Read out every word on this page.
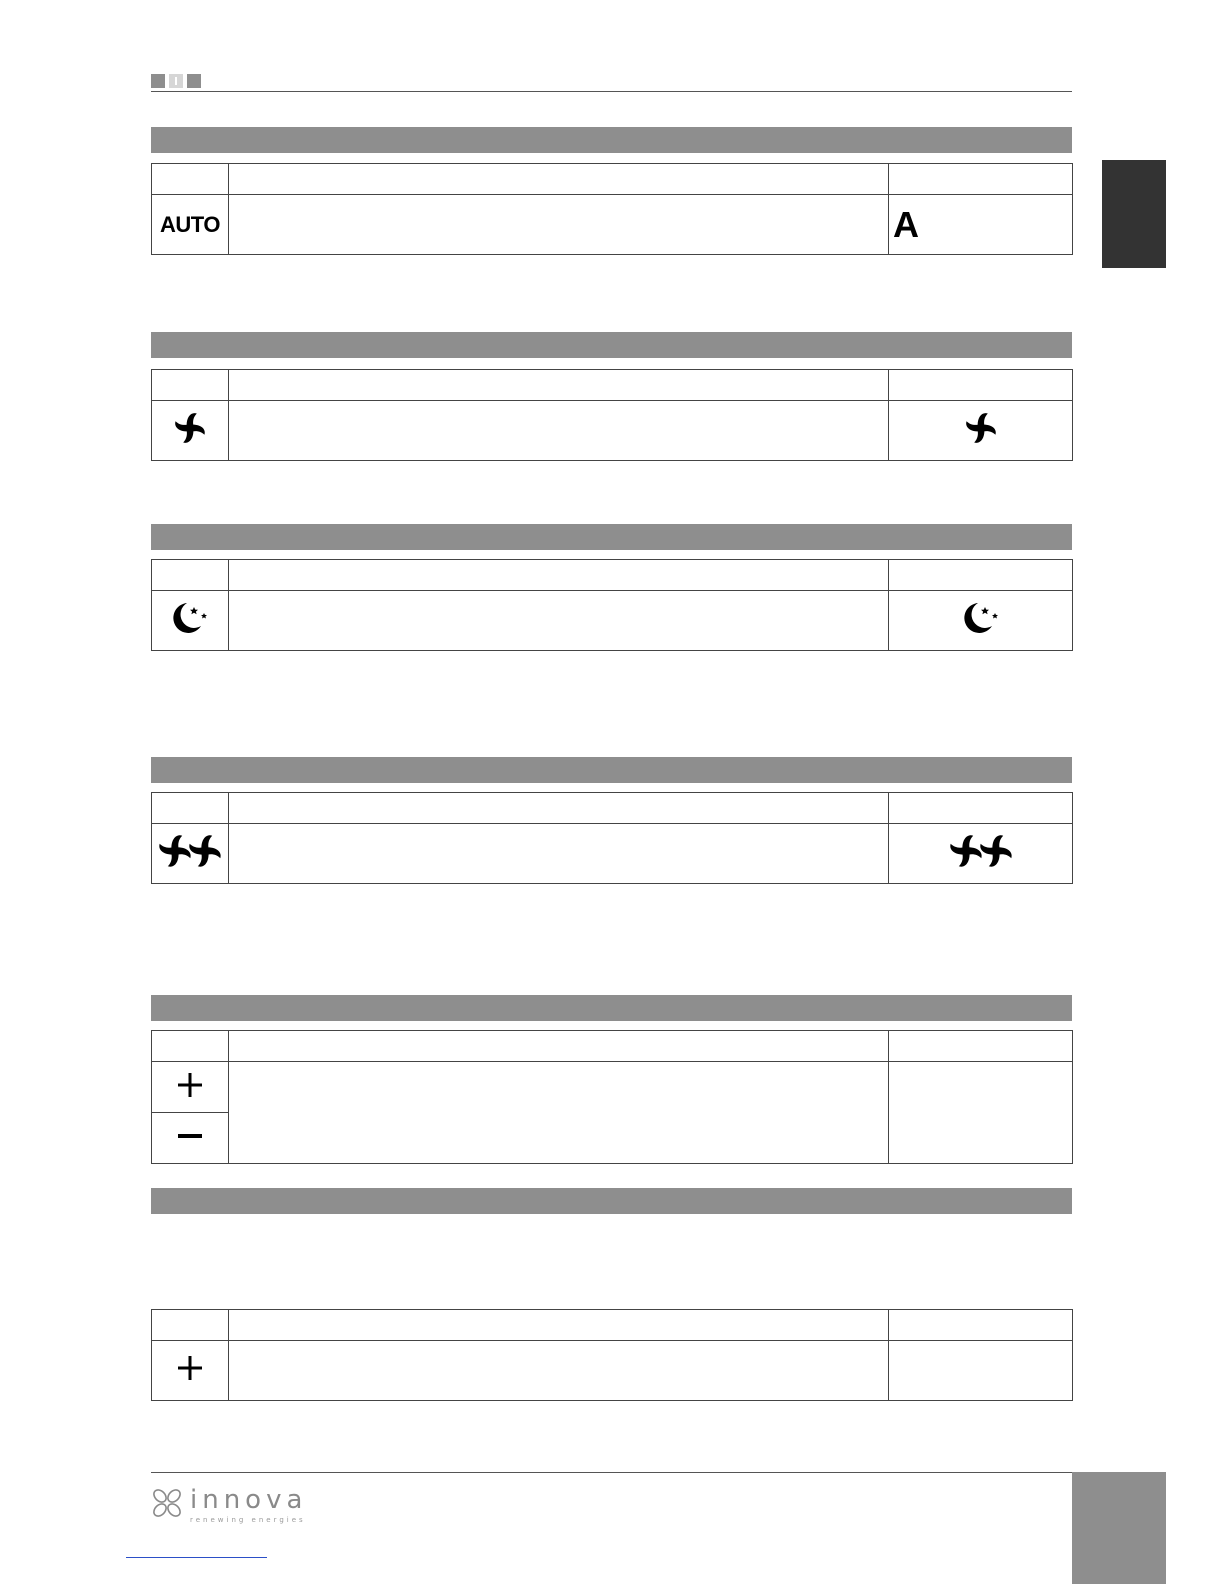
AUTO		A

innova
renewing energies
